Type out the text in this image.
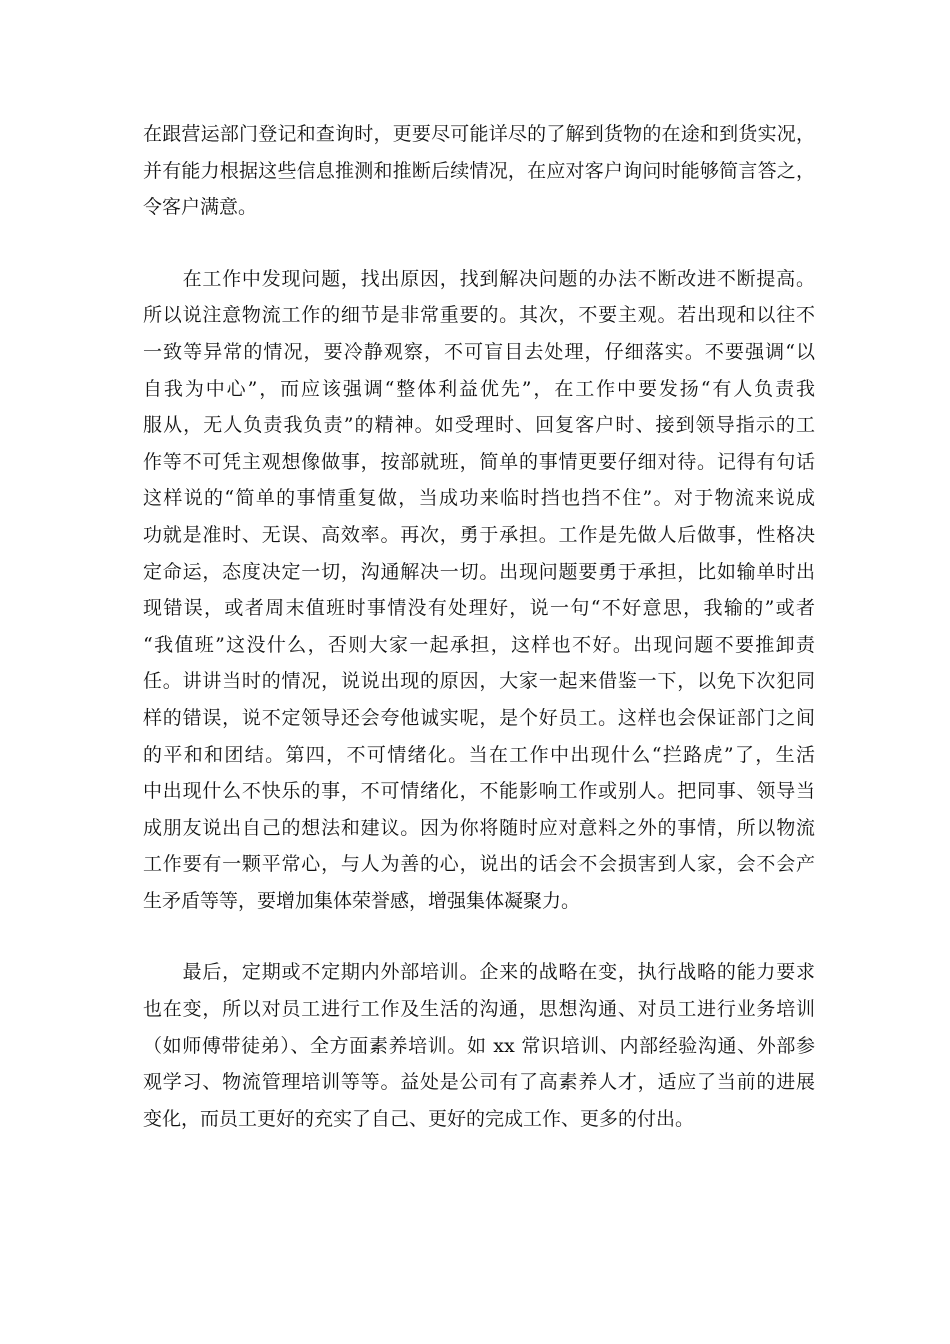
在跟营运部门登记和查询时，更要尽可能详尽的了解到货物的在途和到货实况，
并有能力根据这些信息推测和推断后续情况，在应对客户询问时能够简言答之，
令客户满意。
　　在工作中发现问题，找出原因，找到解决问题的办法不断改进不断提高。
所以说注意物流工作的细节是非常重要的。其次，不要主观。若出现和以往不
一致等异常的情况，要冷静观察，不可盲目去处理，仔细落实。不要强调“以
自我为中心”，而应该强调“整体利益优先”，在工作中要发扬“有人负责我
服从，无人负责我负责”的精神。如受理时、回复客户时、接到领导指示的工
作等不可凭主观想像做事，按部就班，简单的事情更要仔细对待。记得有句话
这样说的“简单的事情重复做，当成功来临时挡也挡不住”。对于物流来说成
功就是准时、无误、高效率。再次，勇于承担。工作是先做人后做事，性格决
定命运，态度决定一切，沟通解决一切。出现问题要勇于承担，比如输单时出
现错误，或者周末值班时事情没有处理好，说一句“不好意思，我输的”或者
“我值班”这没什么，否则大家一起承担，这样也不好。出现问题不要推卸责
任。讲讲当时的情况，说说出现的原因，大家一起来借鉴一下，以免下次犯同
样的错误，说不定领导还会夸他诚实呢，是个好员工。这样也会保证部门之间
的平和和团结。第四，不可情绪化。当在工作中出现什么“拦路虎”了，生活
中出现什么不快乐的事，不可情绪化，不能影响工作或别人。把同事、领导当
成朋友说出自己的想法和建议。因为你将随时应对意料之外的事情，所以物流
工作要有一颗平常心，与人为善的心，说出的话会不会损害到人家，会不会产
生矛盾等等，要增加集体荣誉感，增强集体凝聚力。
　　最后，定期或不定期内外部培训。企来的战略在变，执行战略的能力要求
也在变，所以对员工进行工作及生活的沟通，思想沟通、对员工进行业务培训
（如师傅带徒弟）、全方面素养培训。如 xx 常识培训、内部经验沟通、外部参
观学习、物流管理培训等等。益处是公司有了高素养人才，适应了当前的进展
变化，而员工更好的充实了自己、更好的完成工作、更多的付出。
